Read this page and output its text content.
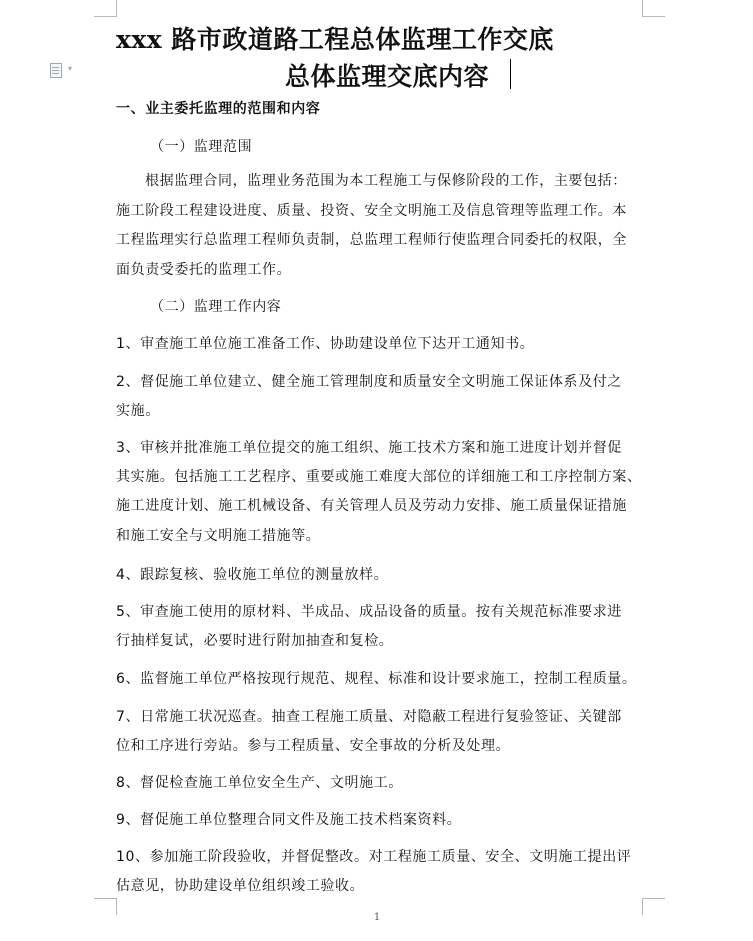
▾
xxx 路市政道路工程总体监理工作交底
总体监理交底内容
一、业主委托监理的范围和内容
（一）监理范围
根据监理合同，监理业务范围为本工程施工与保修阶段的工作，主要包括：
施工阶段工程建设进度、质量、投资、安全文明施工及信息管理等监理工作。本
工程监理实行总监理工程师负责制，总监理工程师行使监理合同委托的权限，全
面负责受委托的监理工作。
（二）监理工作内容
1、审查施工单位施工准备工作、协助建设单位下达开工通知书。
2、督促施工单位建立、健全施工管理制度和质量安全文明施工保证体系及付之
实施。
3、审核并批准施工单位提交的施工组织、施工技术方案和施工进度计划并督促
其实施。包括施工工艺程序、重要或施工难度大部位的详细施工和工序控制方案、
施工进度计划、施工机械设备、有关管理人员及劳动力安排、施工质量保证措施
和施工安全与文明施工措施等。
4、跟踪复核、验收施工单位的测量放样。
5、审查施工使用的原材料、半成品、成品设备的质量。按有关规范标准要求进
行抽样复试，必要时进行附加抽查和复检。
6、监督施工单位严格按现行规范、规程、标准和设计要求施工，控制工程质量。
7、日常施工状况巡查。抽查工程施工质量、对隐蔽工程进行复验签证、关键部
位和工序进行旁站。参与工程质量、安全事故的分析及处理。
8、督促检查施工单位安全生产、文明施工。
9、督促施工单位整理合同文件及施工技术档案资料。
10、参加施工阶段验收，并督促整改。对工程施工质量、安全、文明施工提出评
估意见，协助建设单位组织竣工验收。
1
